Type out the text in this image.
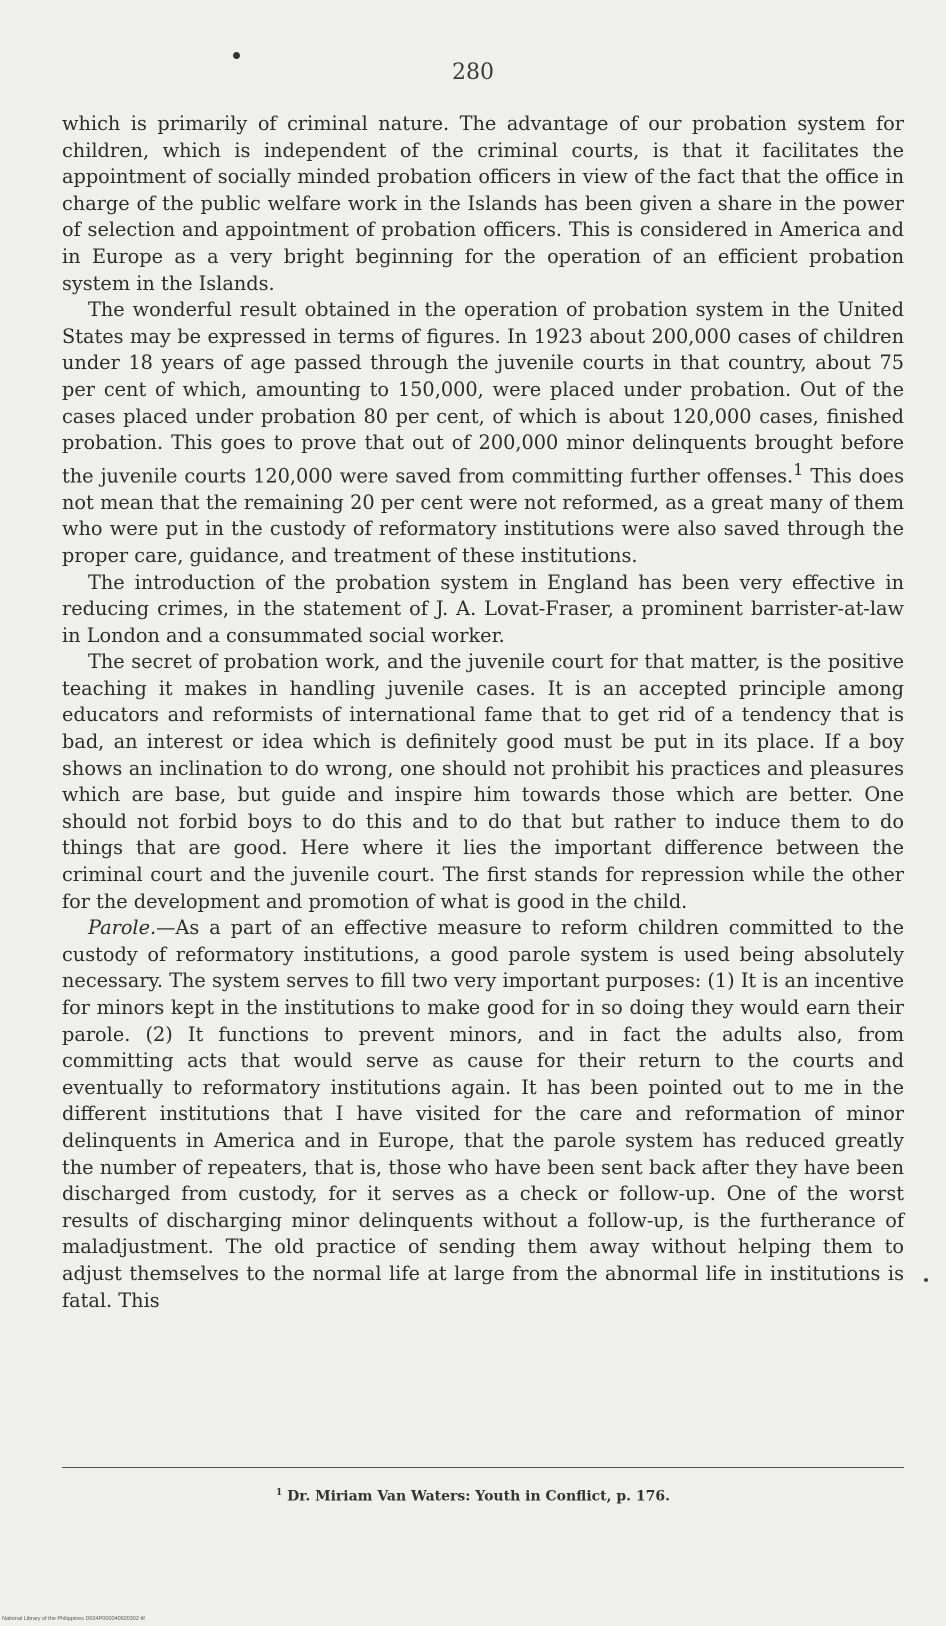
280

which is primarily of criminal nature. The advantage of our probation system for children, which is independent of the criminal courts, is that it facilitates the appointment of socially minded probation officers in view of the fact that the office in charge of the public welfare work in the Islands has been given a share in the power of selection and appointment of probation officers. This is considered in America and in Europe as a very bright beginning for the operation of an efficient probation system in the Islands.

The wonderful result obtained in the operation of probation system in the United States may be expressed in terms of figures. In 1923 about 200,000 cases of children under 18 years of age passed through the juvenile courts in that country, about 75 per cent of which, amounting to 150,000, were placed under probation. Out of the cases placed under probation 80 per cent, of which is about 120,000 cases, finished probation. This goes to prove that out of 200,000 minor delinquents brought before the juvenile courts 120,000 were saved from committing further offenses.$^1$ This does not mean that the remaining 20 per cent were not reformed, as a great many of them who were put in the custody of reformatory institutions were also saved through the proper care, guidance, and treatment of these institutions.

The introduction of the probation system in England has been very effective in reducing crimes, in the statement of J. A. Lovat-Fraser, a prominent barrister-at-law in London and a consummated social worker.

The secret of probation work, and the juvenile court for that matter, is the positive teaching it makes in handling juvenile cases. It is an accepted principle among educators and reformists of international fame that to get rid of a tendency that is bad, an interest or idea which is definitely good must be put in its place. If a boy shows an inclination to do wrong, one should not prohibit his practices and pleasures which are base, but guide and inspire him towards those which are better. One should not forbid boys to do this and to do that but rather to induce them to do things that are good. Here where it lies the important difference between the criminal court and the juvenile court. The first stands for repression while the other for the development and promotion of what is good in the child.

Parole.—As a part of an effective measure to reform children committed to the custody of reformatory institutions, a good parole system is used being absolutely necessary. The system serves to fill two very important purposes: (1) It is an incentive for minors kept in the institutions to make good for in so doing they would earn their parole. (2) It functions to prevent minors, and in fact the adults also, from committing acts that would serve as cause for their return to the courts and eventually to reformatory institutions again. It has been pointed out to me in the different institutions that I have visited for the care and reformation of minor delinquents in America and in Europe, that the parole system has reduced greatly the number of repeaters, that is, those who have been sent back after they have been discharged from custody, for it serves as a check or follow-up. One of the worst results of discharging minor delinquents without a follow-up, is the furtherance of maladjustment. The old practice of sending them away without helping them to adjust themselves to the normal life at large from the abnormal life in institutions is fatal. This

$^1$ Dr. Miriam Van Waters: Youth in Conflict, p. 176.
National Library of the Philippines D024P000040920302 tif
